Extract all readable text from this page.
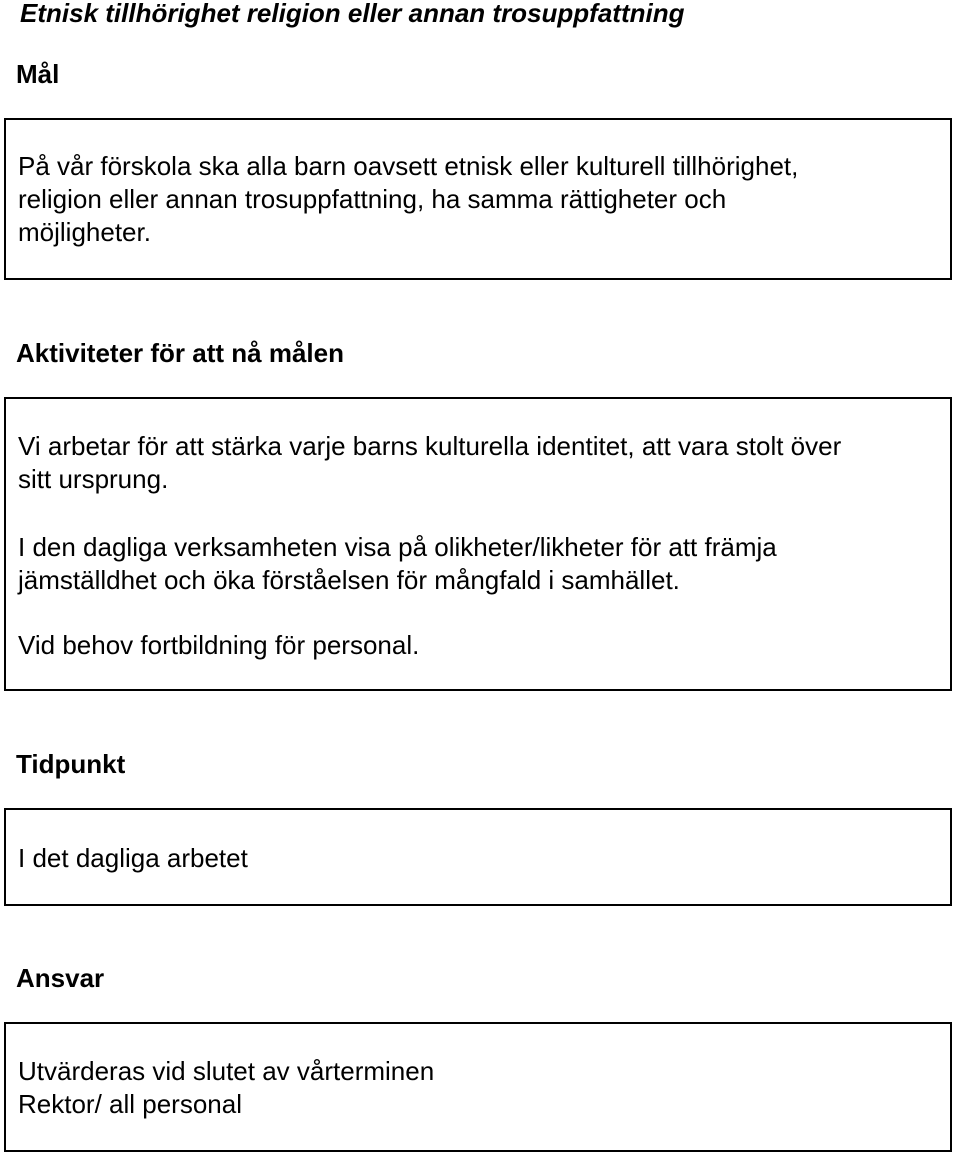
Etnisk tillhörighet religion eller annan trosuppfattning
Mål
På vår förskola ska alla barn oavsett etnisk eller kulturell tillhörighet,
religion eller annan trosuppfattning, ha samma rättigheter och
möjligheter.
Aktiviteter för att nå målen
Vi arbetar för att stärka varje barns kulturella identitet, att vara stolt över
sitt ursprung.
I den dagliga verksamheten visa på olikheter/likheter för att främja
jämställdhet och öka förståelsen för mångfald i samhället.
Vid behov fortbildning för personal.
Tidpunkt
I det dagliga arbetet
Ansvar
Utvärderas vid slutet av vårterminen
Rektor/ all personal
